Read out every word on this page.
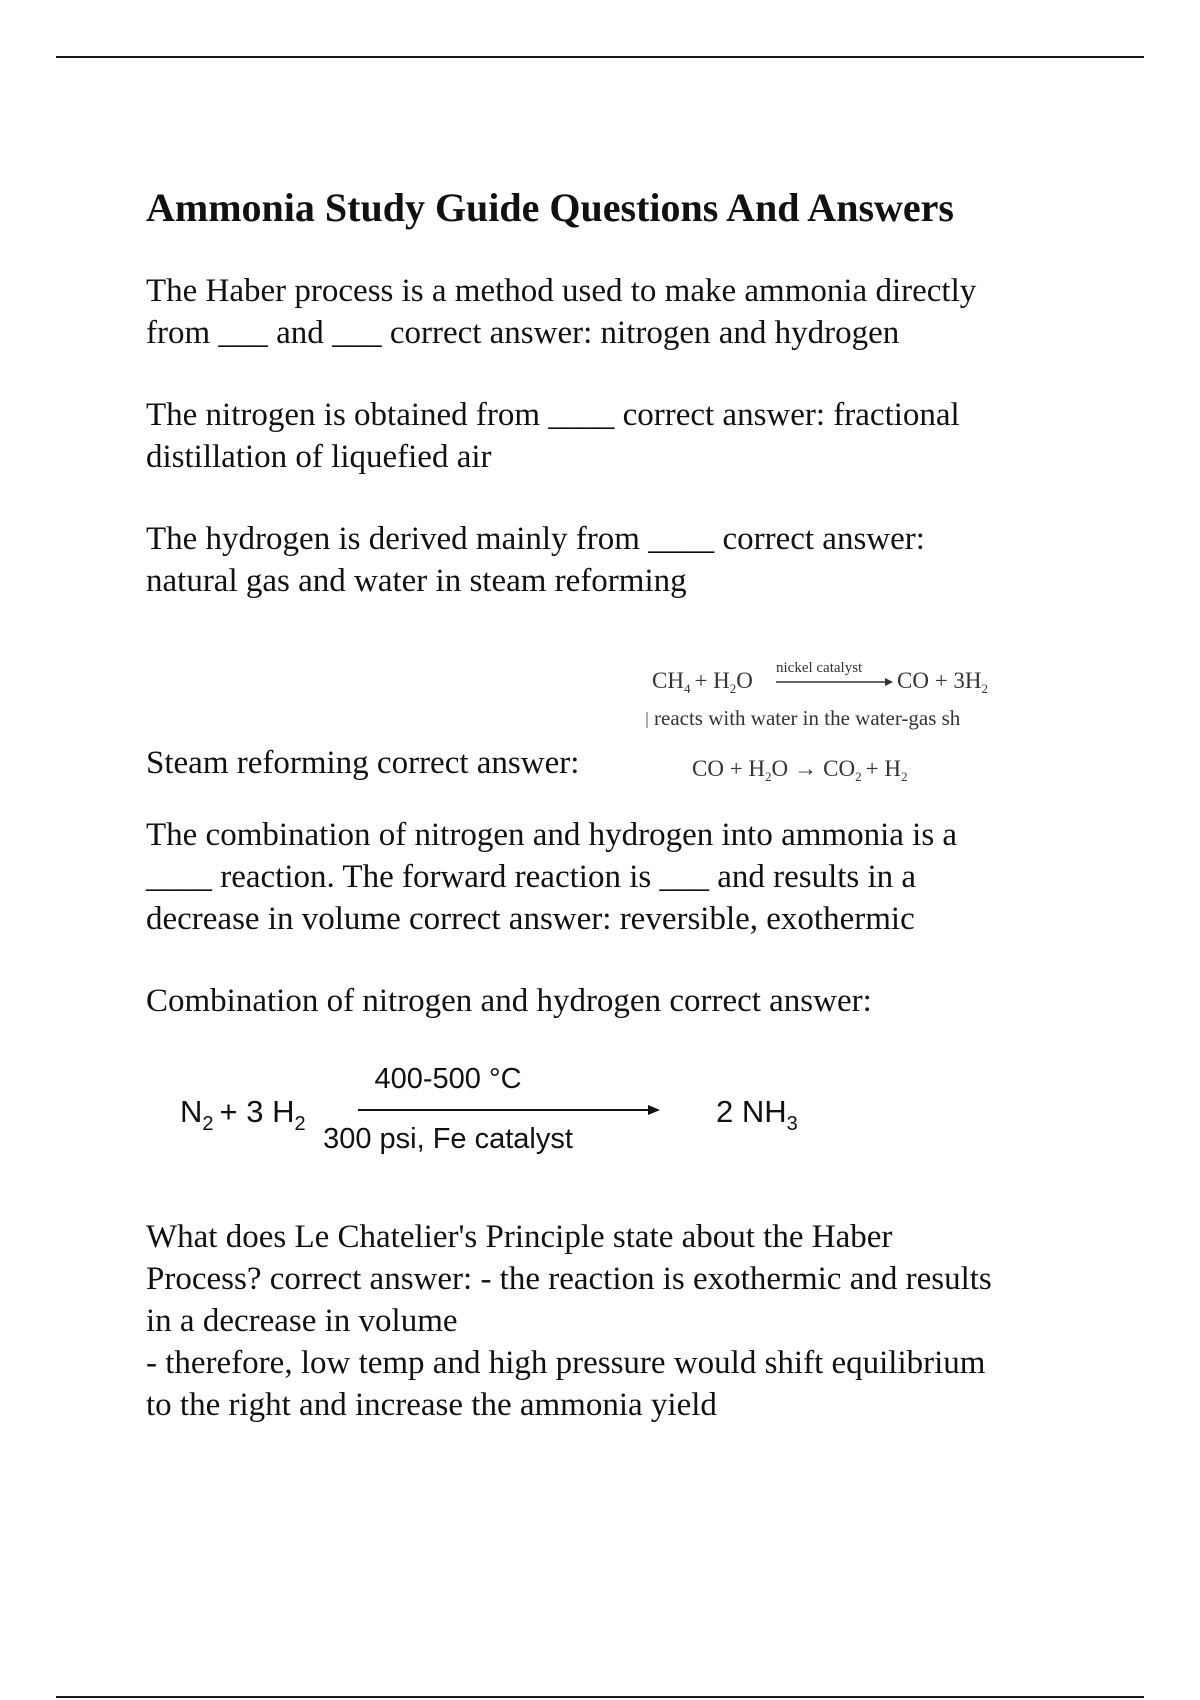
Ammonia Study Guide Questions And Answers

The Haber process is a method used to make ammonia directly
from ___ and ___ correct answer: nitrogen and hydrogen

The nitrogen is obtained from ____ correct answer: fractional
distillation of liquefied air

The hydrogen is derived mainly from ____ correct answer:
natural gas and water in steam reforming

Steam reforming correct answer:
$CH_4 + H_2O$ nickel catalyst CO + $3H_2$
reacts with water in the water-gas sh
CO + $H_2O \to CO_2 + H_2$

The combination of nitrogen and hydrogen into ammonia is a
____ reaction. The forward reaction is ___ and results in a
decrease in volume correct answer: reversible, exothermic

Combination of nitrogen and hydrogen correct answer:

$N_2 + 3$ $H_2$
400-500 °C
300 psi, Fe catalyst
2 $NH_3$

What does Le Chatelier's Principle state about the Haber

Process? correct answer: - the reaction is exothermic and results

in a decrease in volume

- therefore, low temp and high pressure would shift equilibrium

to the right and increase the ammonia yield
